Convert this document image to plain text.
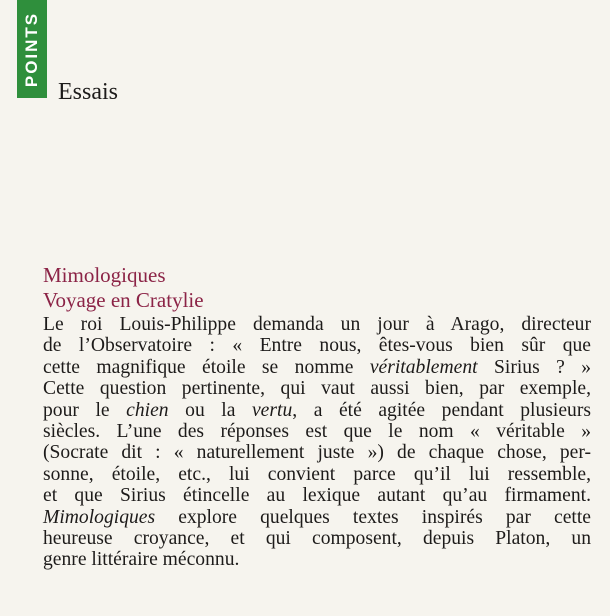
POINTS
Essais
Mimologiques
Voyage en Cratylie
Le roi Louis-Philippe demanda un jour à Arago, directeur
de l’Observatoire : « Entre nous, êtes-vous bien sûr que
cette magnifique étoile se nomme véritablement Sirius ? »
Cette question pertinente, qui vaut aussi bien, par exemple,
pour le chien ou la vertu, a été agitée pendant plusieurs
siècles. L’une des réponses est que le nom « véritable »
(Socrate dit : « naturellement juste ») de chaque chose, per-
sonne, étoile, etc., lui convient parce qu’il lui ressemble,
et que Sirius étincelle au lexique autant qu’au firmament.
Mimologiques explore quelques textes inspirés par cette
heureuse croyance, et qui composent, depuis Platon, un
genre littéraire méconnu.
